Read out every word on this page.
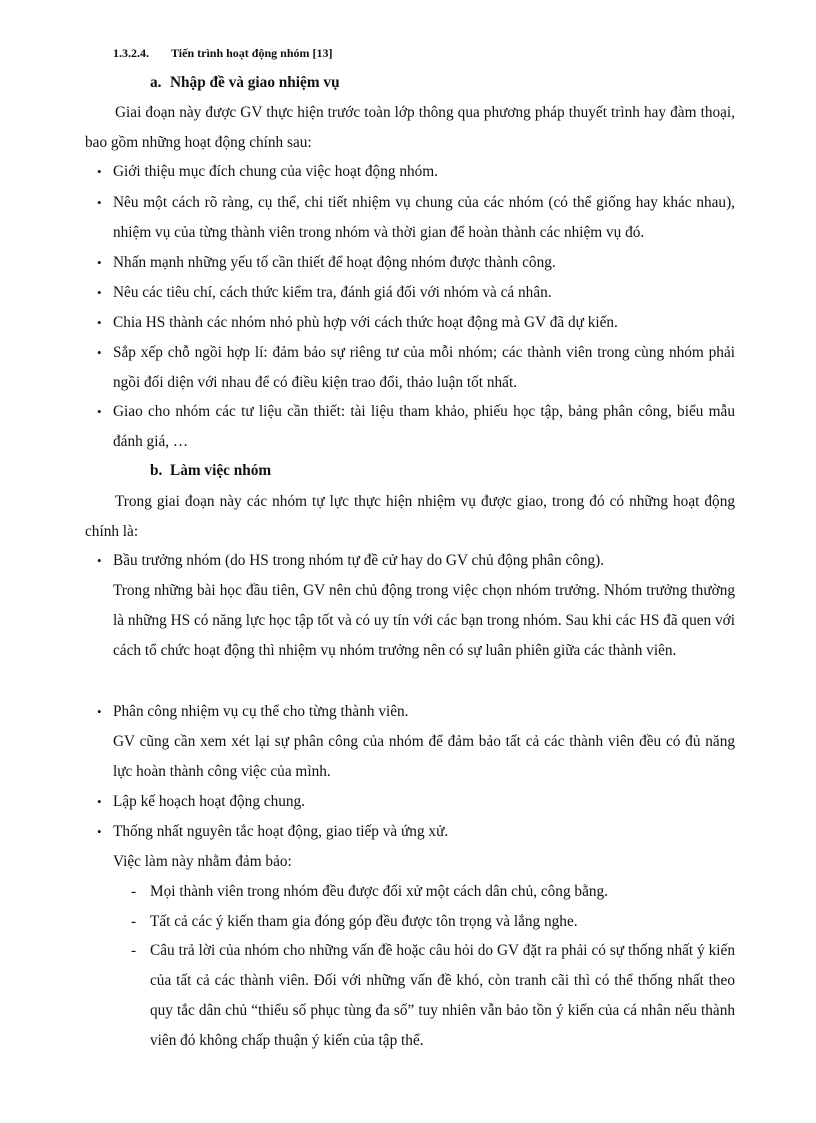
1.3.2.4. Tiến trình hoạt động nhóm [13]
a. Nhập đề và giao nhiệm vụ

Giai đoạn này được GV thực hiện trước toàn lớp thông qua phương pháp thuyết trình hay đàm thoại, bao gồm những hoạt động chính sau:

• Giới thiệu mục đích chung của việc hoạt động nhóm.

• Nêu một cách rõ ràng, cụ thể, chi tiết nhiệm vụ chung của các nhóm (có thể giống hay khác nhau), nhiệm vụ của từng thành viên trong nhóm và thời gian để hoàn thành các nhiệm vụ đó.

• Nhấn mạnh những yếu tố cần thiết để hoạt động nhóm được thành công.

• Nêu các tiêu chí, cách thức kiểm tra, đánh giá đối với nhóm và cá nhân.

• Chia HS thành các nhóm nhỏ phù hợp với cách thức hoạt động mà GV đã dự kiến.

• Sắp xếp chỗ ngồi hợp lí: đảm bảo sự riêng tư của mỗi nhóm; các thành viên trong cùng nhóm phải ngồi đối diện với nhau để có điều kiện trao đổi, thảo luận tốt nhất.

• Giao cho nhóm các tư liệu cần thiết: tài liệu tham khảo, phiếu học tập, bảng phân công, biểu mẫu đánh giá, …

b. Làm việc nhóm

Trong giai đoạn này các nhóm tự lực thực hiện nhiệm vụ được giao, trong đó có những hoạt động chính là:

• Bầu trưởng nhóm (do HS trong nhóm tự đề cử hay do GV chủ động phân công).

Trong những bài học đầu tiên, GV nên chủ động trong việc chọn nhóm trưởng. Nhóm trưởng thường là những HS có năng lực học tập tốt và có uy tín với các bạn trong nhóm. Sau khi các HS đã quen với cách tổ chức hoạt động thì nhiệm vụ nhóm trưởng nên có sự luân phiên giữa các thành viên.

• Phân công nhiệm vụ cụ thể cho từng thành viên.

GV cũng cần xem xét lại sự phân công của nhóm để đảm bảo tất cả các thành viên đều có đủ năng lực hoàn thành công việc của mình.

• Lập kế hoạch hoạt động chung.

• Thống nhất nguyên tắc hoạt động, giao tiếp và ứng xử.

Việc làm này nhằm đảm bảo:

- Mọi thành viên trong nhóm đều được đối xử một cách dân chủ, công bằng.

- Tất cả các ý kiến tham gia đóng góp đều được tôn trọng và lắng nghe.

- Câu trả lời của nhóm cho những vấn đề hoặc câu hỏi do GV đặt ra phải có sự thống nhất ý kiến của tất cả các thành viên. Đối với những vấn đề khó, còn tranh cãi thì có thể thống nhất theo quy tắc dân chủ “thiểu số phục tùng đa số” tuy nhiên vẫn bảo tồn ý kiến của cá nhân nếu thành viên đó không chấp thuận ý kiến của tập thể.
